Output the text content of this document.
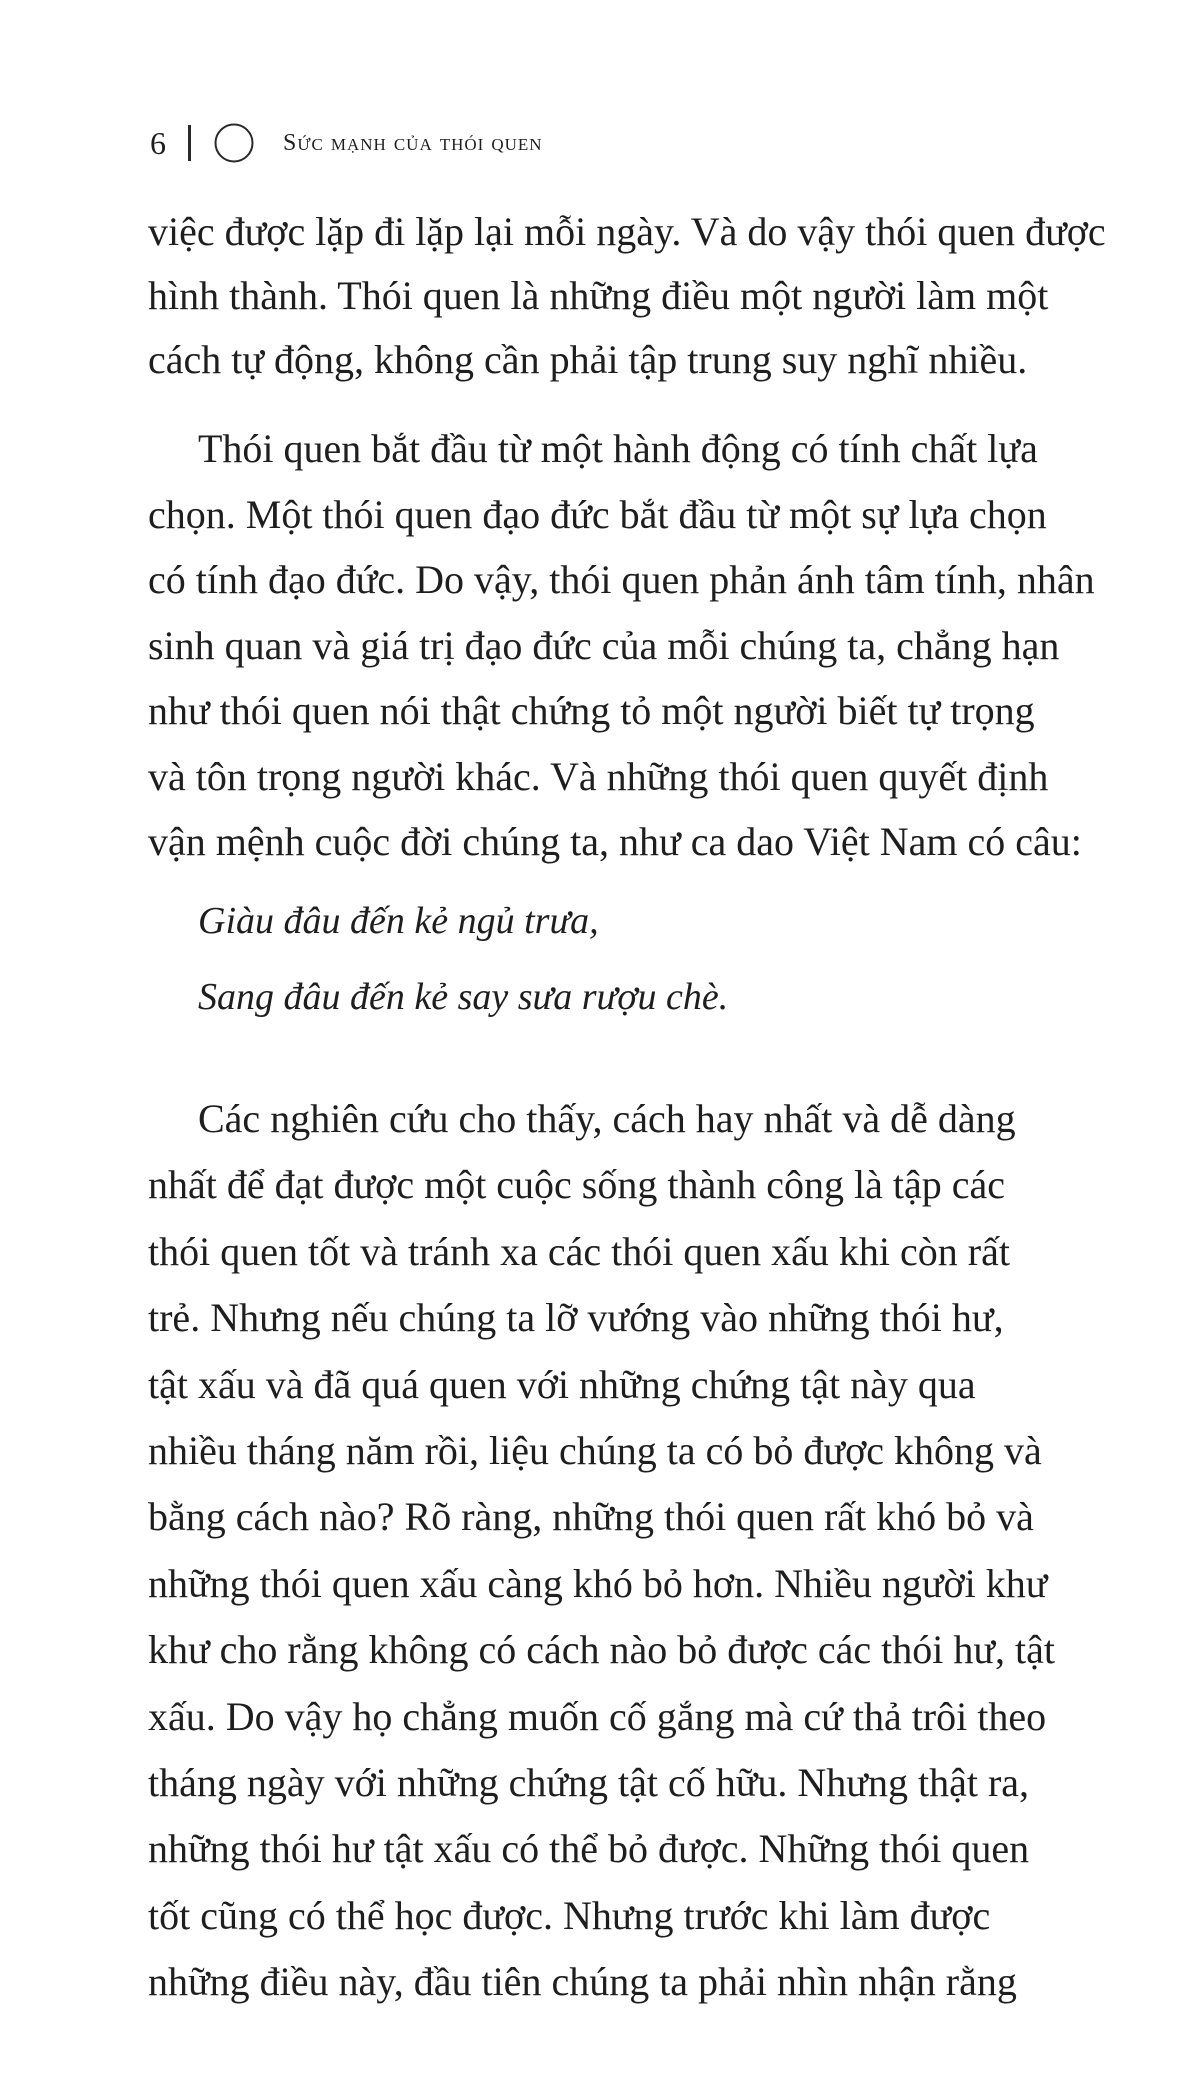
6	Sức mạnh của thói quen
việc được lặp đi lặp lại mỗi ngày. Và do vậy thói quen được
hình thành. Thói quen là những điều một người làm một
cách tự động, không cần phải tập trung suy nghĩ nhiều.
Thói quen bắt đầu từ một hành động có tính chất lựa
chọn. Một thói quen đạo đức bắt đầu từ một sự lựa chọn
có tính đạo đức. Do vậy, thói quen phản ánh tâm tính, nhân
sinh quan và giá trị đạo đức của mỗi chúng ta, chẳng hạn
như thói quen nói thật chứng tỏ một người biết tự trọng
và tôn trọng người khác. Và những thói quen quyết định
vận mệnh cuộc đời chúng ta, như ca dao Việt Nam có câu:
Giàu đâu đến kẻ ngủ trưa,
Sang đâu đến kẻ say sưa rượu chè.
Các nghiên cứu cho thấy, cách hay nhất và dễ dàng
nhất để đạt được một cuộc sống thành công là tập các
thói quen tốt và tránh xa các thói quen xấu khi còn rất
trẻ. Nhưng nếu chúng ta lỡ vướng vào những thói hư,
tật xấu và đã quá quen với những chứng tật này qua
nhiều tháng năm rồi, liệu chúng ta có bỏ được không và
bằng cách nào? Rõ ràng, những thói quen rất khó bỏ và
những thói quen xấu càng khó bỏ hơn. Nhiều người khư
khư cho rằng không có cách nào bỏ được các thói hư, tật
xấu. Do vậy họ chẳng muốn cố gắng mà cứ thả trôi theo
tháng ngày với những chứng tật cố hữu. Nhưng thật ra,
những thói hư tật xấu có thể bỏ được. Những thói quen
tốt cũng có thể học được. Nhưng trước khi làm được
những điều này, đầu tiên chúng ta phải nhìn nhận rằng
